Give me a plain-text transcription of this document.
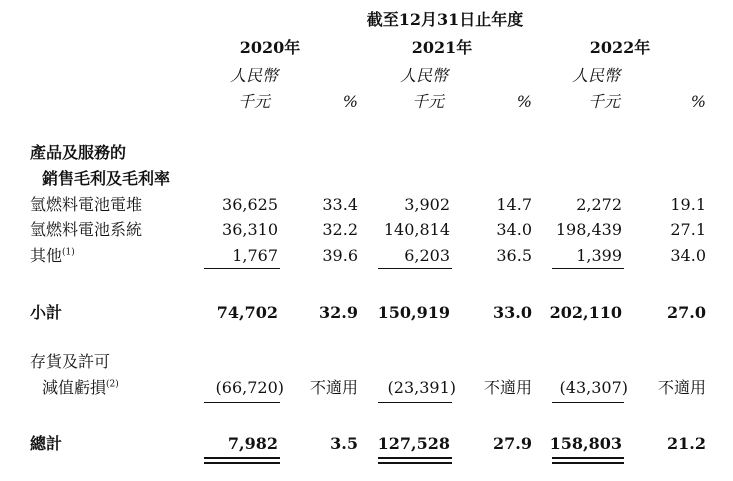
截至12月31日止年度
2020年	2021年	2022年
人民幣	人民幣	人民幣
千元	%	千元	%	千元	%
產品及服務的
銷售毛利及毛利率
氫燃料電池電堆	36,625	33.4	3,902	14.7	2,272	19.1
氫燃料電池系統	36,310	32.2	140,814	34.0	198,439	27.1
其他$^{(1)}$	1,767	39.6	6,203	36.5	1,399	34.0
小計	74,702	32.9	150,919	33.0	202,110	27.0
存貨及許可
減值虧損$^{(2)}$	(66,720)	不適用	(23,391)	不適用	(43,307)	不適用
總計	7,982	3.5	127,528	27.9	158,803	21.2
